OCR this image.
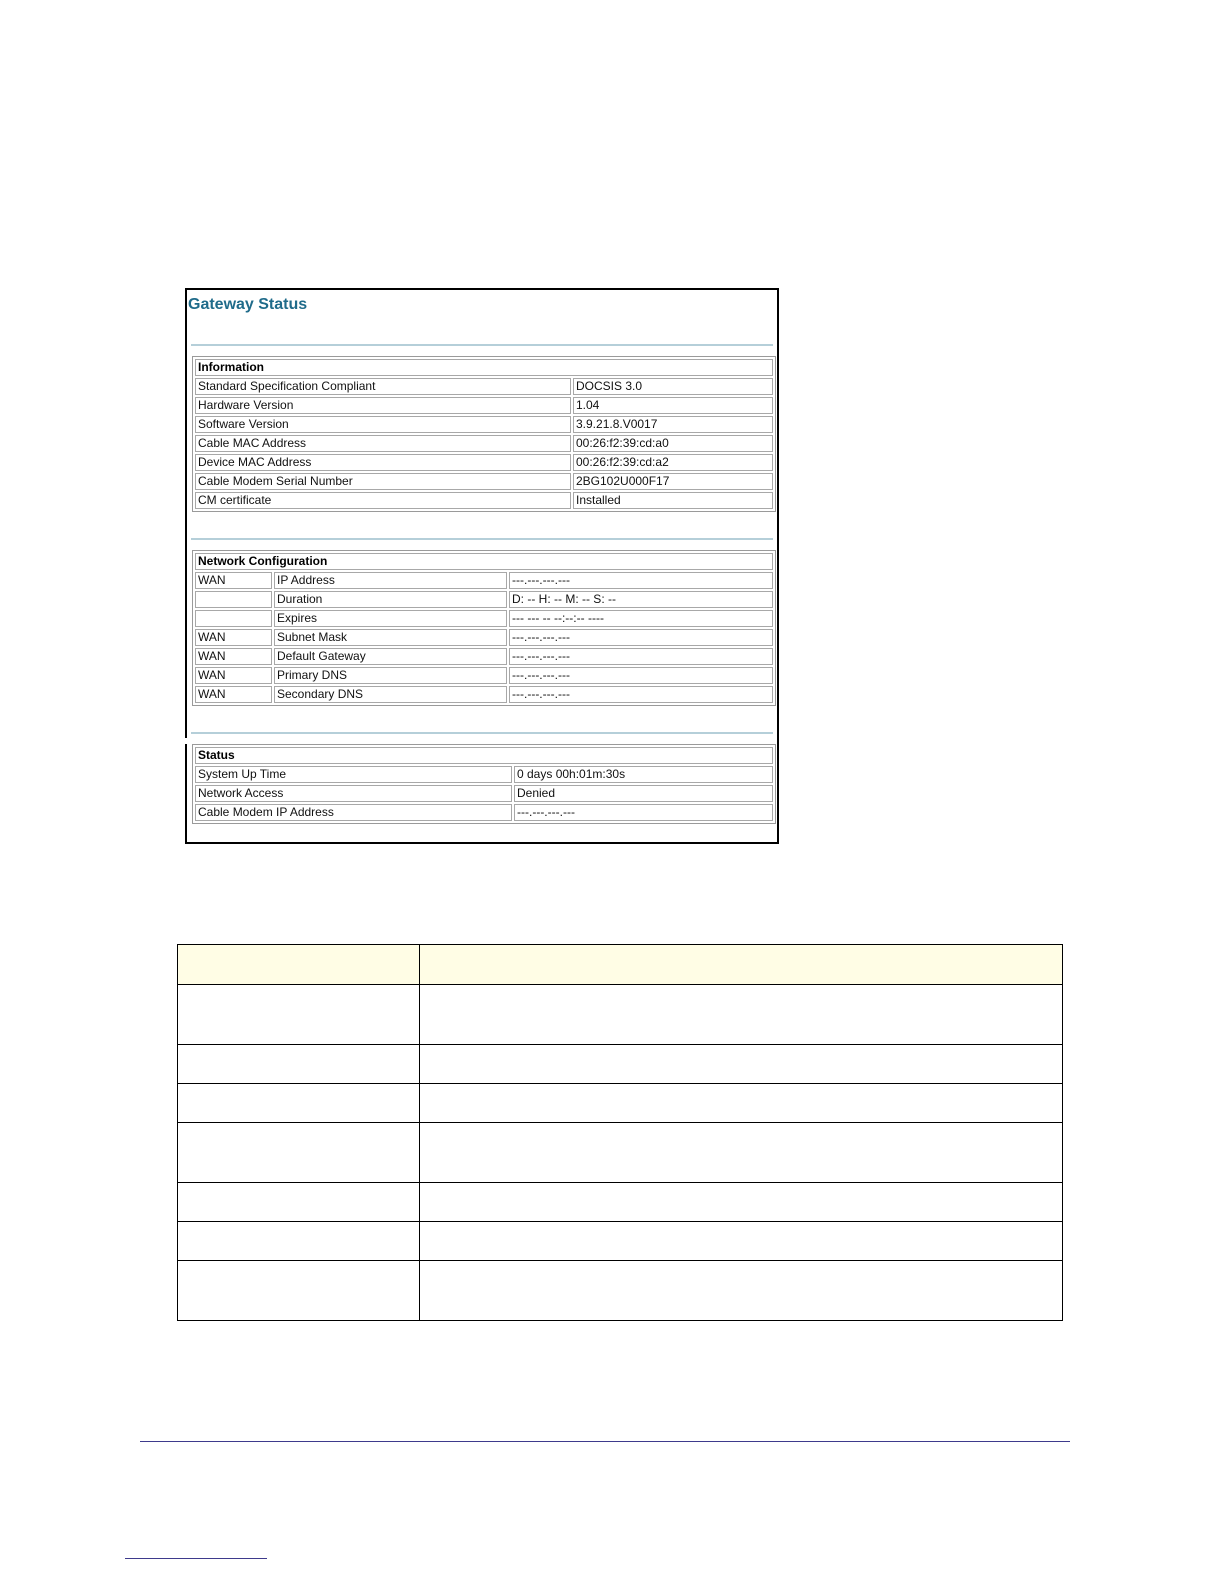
Gateway Status
Information	
Standard Specification Compliant	DOCSIS 3.0
Hardware Version	1.04
Software Version	3.9.21.8.V0017
Cable MAC Address	00:26:f2:39:cd:a0
Device MAC Address	00:26:f2:39:cd:a2
Cable Modem Serial Number	2BG102U000F17
CM certificate	Installed
Network Configuration		
WAN	IP Address	---.---.---.---
	Duration	D: -- H: -- M: -- S: --
	Expires	--- --- -- --:--:-- ----
WAN	Subnet Mask	---.---.---.---
WAN	Default Gateway	---.---.---.---
WAN	Primary DNS	---.---.---.---
WAN	Secondary DNS	---.---.---.---
Status	
System Up Time	0 days 00h:01m:30s
Network Access	Denied
Cable Modem IP Address	---.---.---.---
